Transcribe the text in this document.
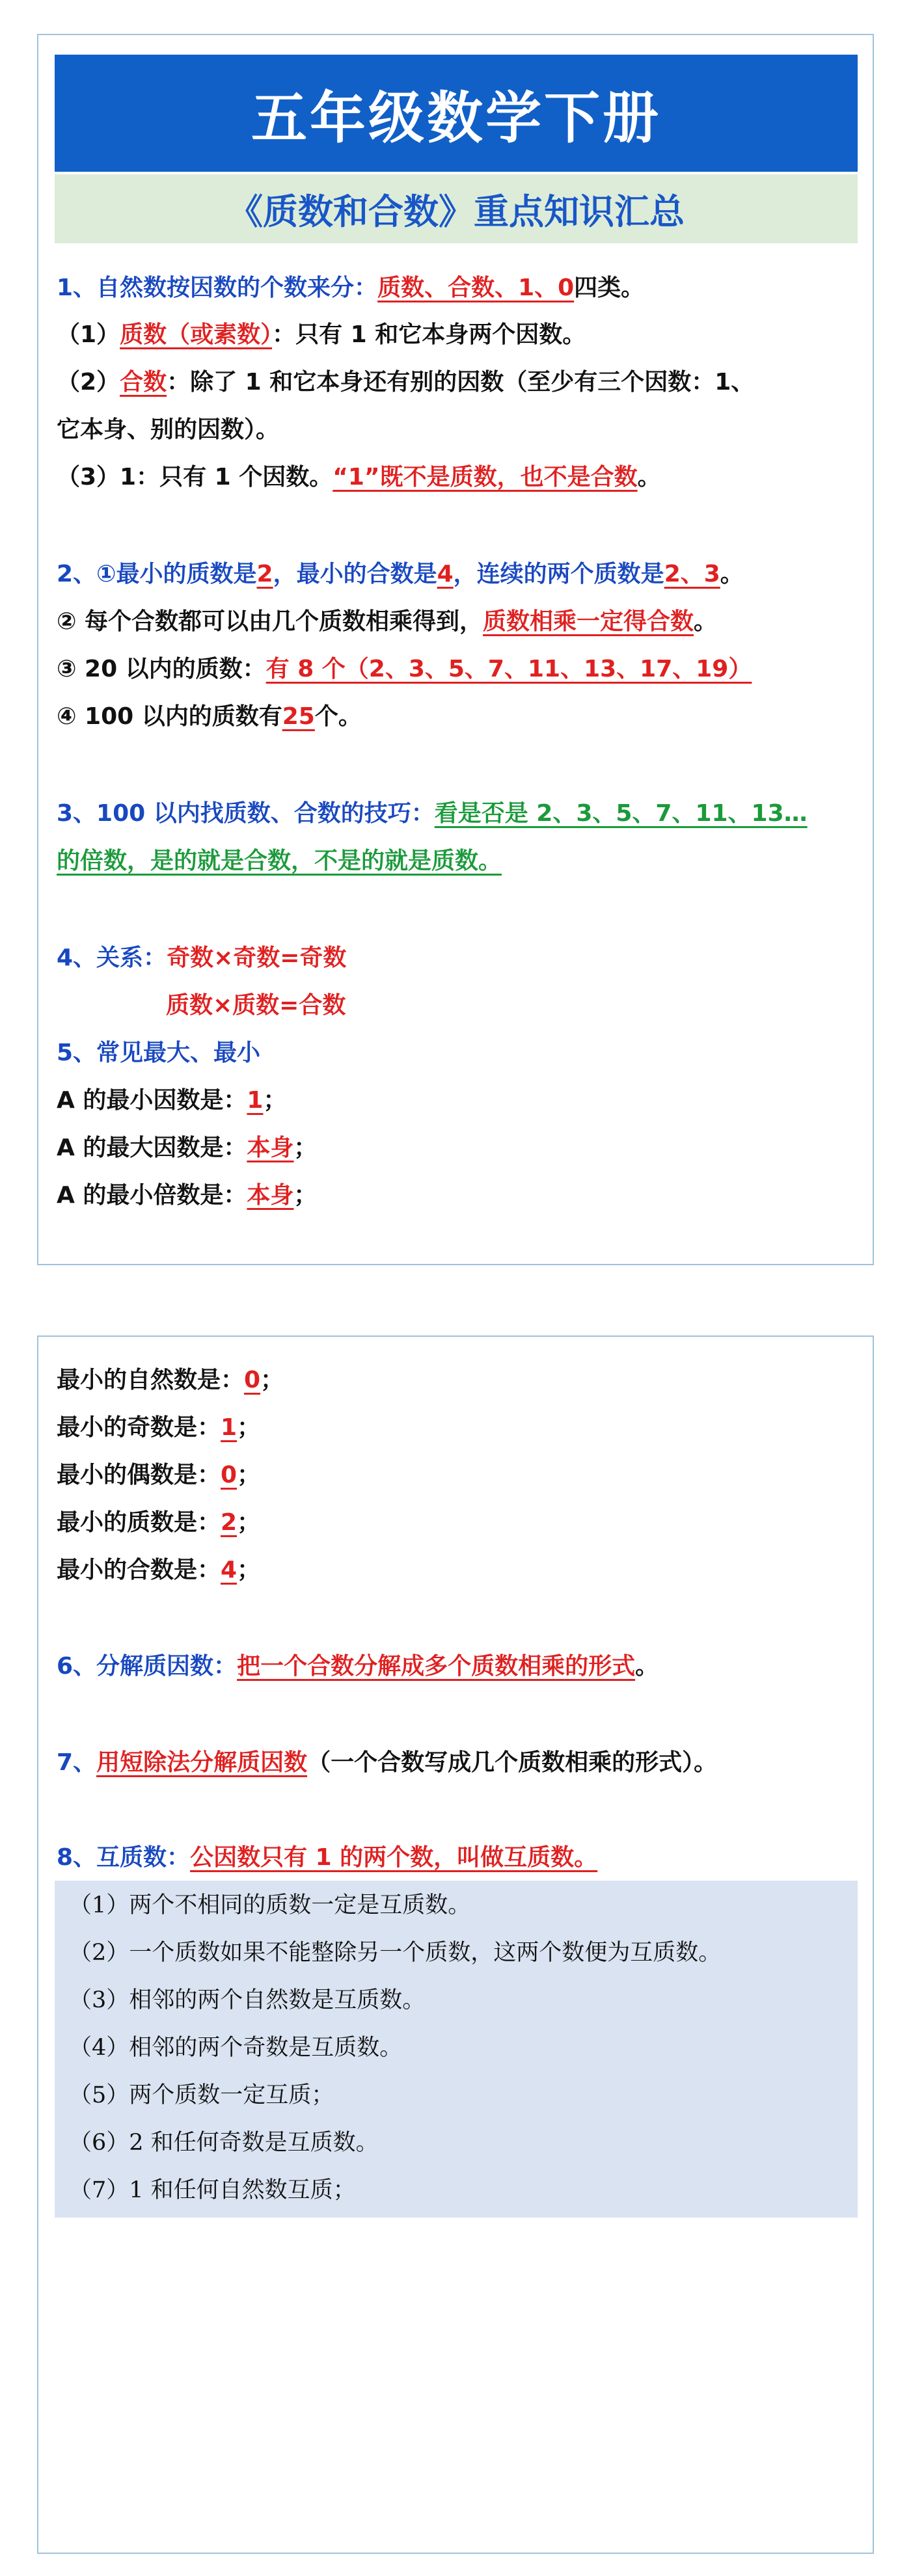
五年级数学下册
《质数和合数》重点知识汇总
1、自然数按因数的个数来分：质数、合数、1、0四类。
（1）质数（或素数）：只有 1 和它本身两个因数。
（2）合数：除了 1 和它本身还有别的因数（至少有三个因数：1、
它本身、别的因数）。
（3）1：只有 1 个因数。“1”既不是质数，也不是合数。
2、①最小的质数是2，最小的合数是4，连续的两个质数是2、3。
② 每个合数都可以由几个质数相乘得到，质数相乘一定得合数。
③ 20 以内的质数：有 8 个（2、3、5、7、11、13、17、19）
④ 100 以内的质数有25个。
3、100 以内找质数、合数的技巧：看是否是 2、3、5、7、11、13…
的倍数，是的就是合数，不是的就是质数。
4、关系：奇数×奇数=奇数
质数×质数=合数
5、常见最大、最小
A 的最小因数是：1；
A 的最大因数是：本身；
A 的最小倍数是：本身；
最小的自然数是：0；
最小的奇数是：1；
最小的偶数是：0；
最小的质数是：2；
最小的合数是：4；
6、分解质因数：把一个合数分解成多个质数相乘的形式。
7、用短除法分解质因数（一个合数写成几个质数相乘的形式）。
8、互质数：公因数只有 1 的两个数，叫做互质数。
（1）两个不相同的质数一定是互质数。
（2）一个质数如果不能整除另一个质数，这两个数便为互质数。
（3）相邻的两个自然数是互质数。
（4）相邻的两个奇数是互质数。
（5）两个质数一定互质；
（6）2 和任何奇数是互质数。
（7）1 和任何自然数互质；
